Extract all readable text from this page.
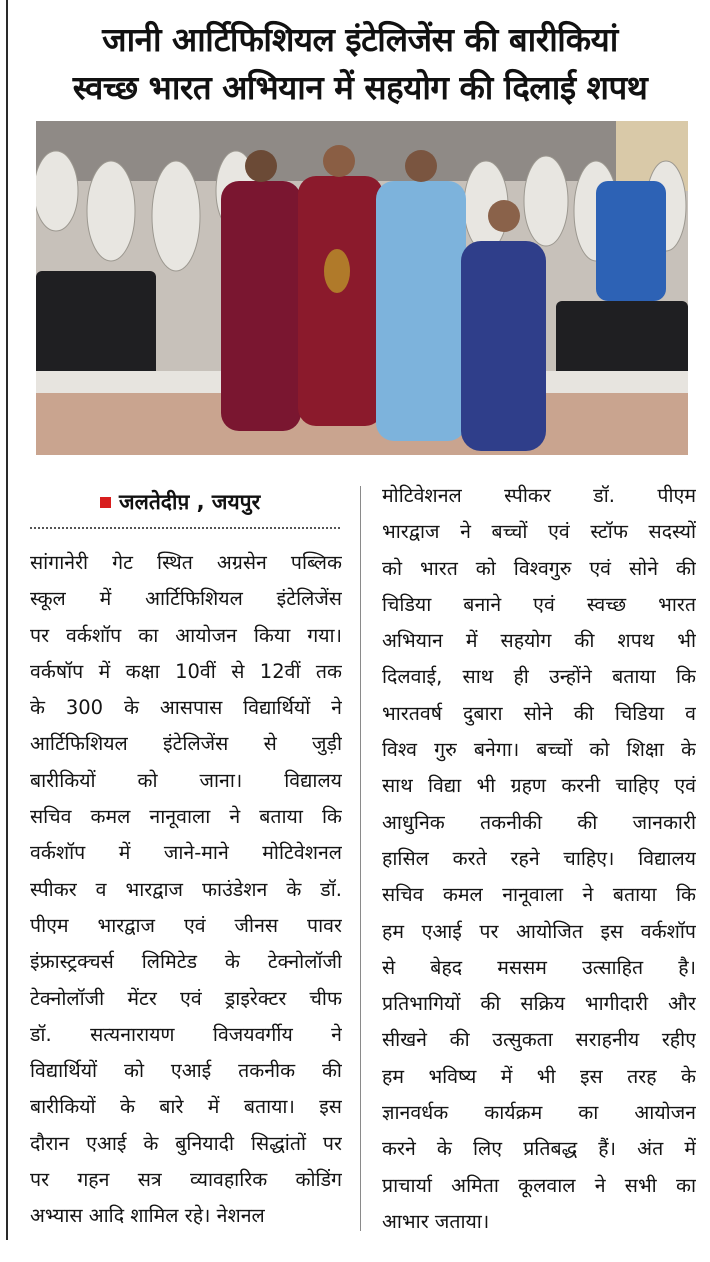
जानी आर्टिफिशियल इंटेलिजेंस की बारीकियां
स्वच्छ भारत अभियान में सहयोग की दिलाई शपथ
जलतेदीप़ , जयपुर
सांगानेरी गेट स्थित अग्रसेन पब्लिक
स्कूल में आर्टिफिशियल इंटेलिजेंस
पर वर्कशॉप का आयोजन किया गया।
वर्कषॉप में कक्षा 10वीं से 12वीं तक
के 300 के आसपास विद्यार्थियों ने
आर्टिफिशियल इंटेलिजेंस से जुड़ी
बारीकियों को जाना। विद्यालय
सचिव कमल नानूवाला ने बताया कि
वर्कशॉप में जाने-माने मोटिवेशनल
स्पीकर व भारद्वाज फाउंडेशन के डॉ.
पीएम भारद्वाज एवं जीनस पावर
इंफ्रास्ट्रक्चर्स लिमिटेड के टेक्नोलॉजी
टेक्नोलॉजी मेंटर एवं ड्राइरेक्टर चीफ
डॉ. सत्यनारायण विजयवर्गीय ने
विद्यार्थियों को एआई तकनीक की
बारीकियों के बारे में बताया। इस
दौरान एआई के बुनियादी सिद्धांतों पर
पर गहन सत्र व्यावहारिक कोडिंग
अभ्यास आदि शामिल रहे। नेशनल
मोटिवेशनल स्पीकर डॉ. पीएम
भारद्वाज ने बच्चों एवं स्टॉफ सदस्यों
को भारत को विश्वगुरु एवं सोने की
चिडिया बनाने एवं स्वच्छ भारत
अभियान में सहयोग की शपथ भी
दिलवाई, साथ ही उन्होंने बताया कि
भारतवर्ष दुबारा सोने की चिडिया व
विश्व गुरु बनेगा। बच्चों को शिक्षा के
साथ विद्या भी ग्रहण करनी चाहिए एवं
आधुनिक तकनीकी की जानकारी
हासिल करते रहने चाहिए। विद्यालय
सचिव कमल नानूवाला ने बताया कि
हम एआई पर आयोजित इस वर्कशॉप
से बेहद मससम उत्साहित है।
प्रतिभागियों की सक्रिय भागीदारी और
सीखने की उत्सुकता सराहनीय रहीए
हम भविष्य में भी इस तरह के
ज्ञानवर्धक कार्यक्रम का आयोजन
करने के लिए प्रतिबद्ध हैं। अंत में
प्राचार्या अमिता कूलवाल ने सभी का
आभार जताया।
